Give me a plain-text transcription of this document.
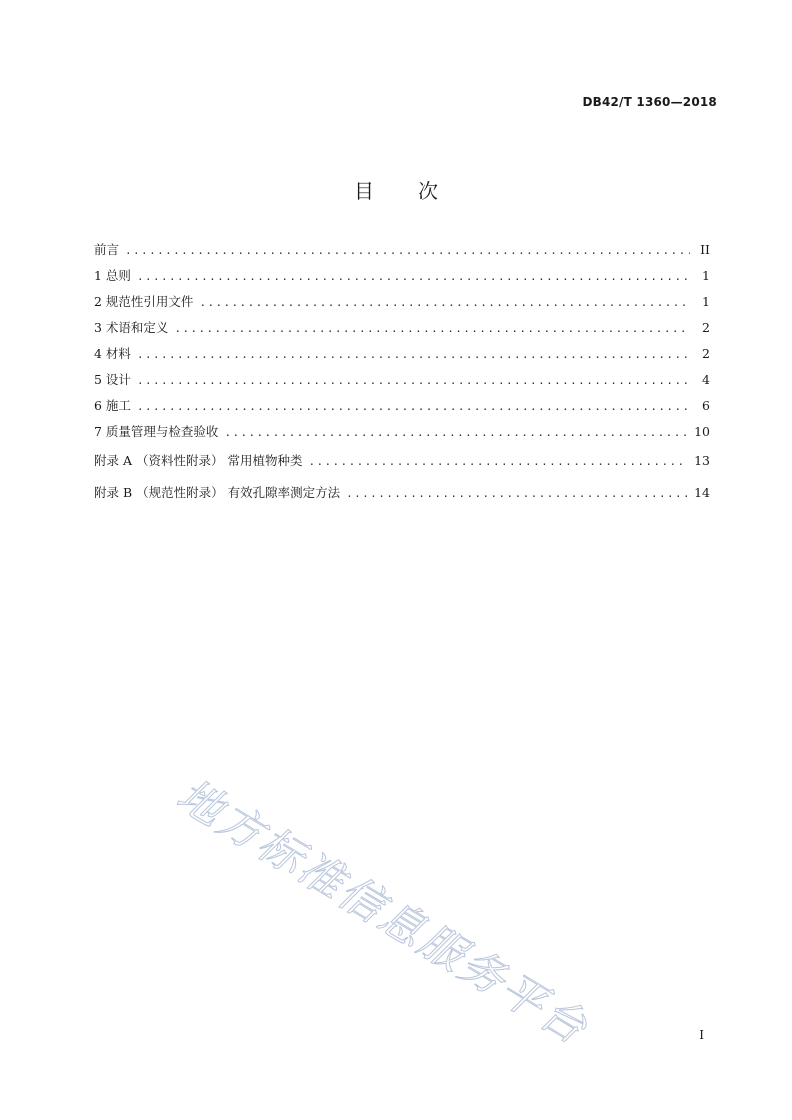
DB42/T 1360—2018
目 次
前言 .....	II
1 总则 .....	1
2 规范性引用文件 .....	1
3 术语和定义 .....	2
4 材料 .....	2
5 设计 .....	4
6 施工 .....	6
7 质量管理与检查验收 .....	10
附录 A （资料性附录） 常用植物种类 .....	13
附录 B （规范性附录） 有效孔隙率测定方法 .....	14
地方标准信息服务平台	I
